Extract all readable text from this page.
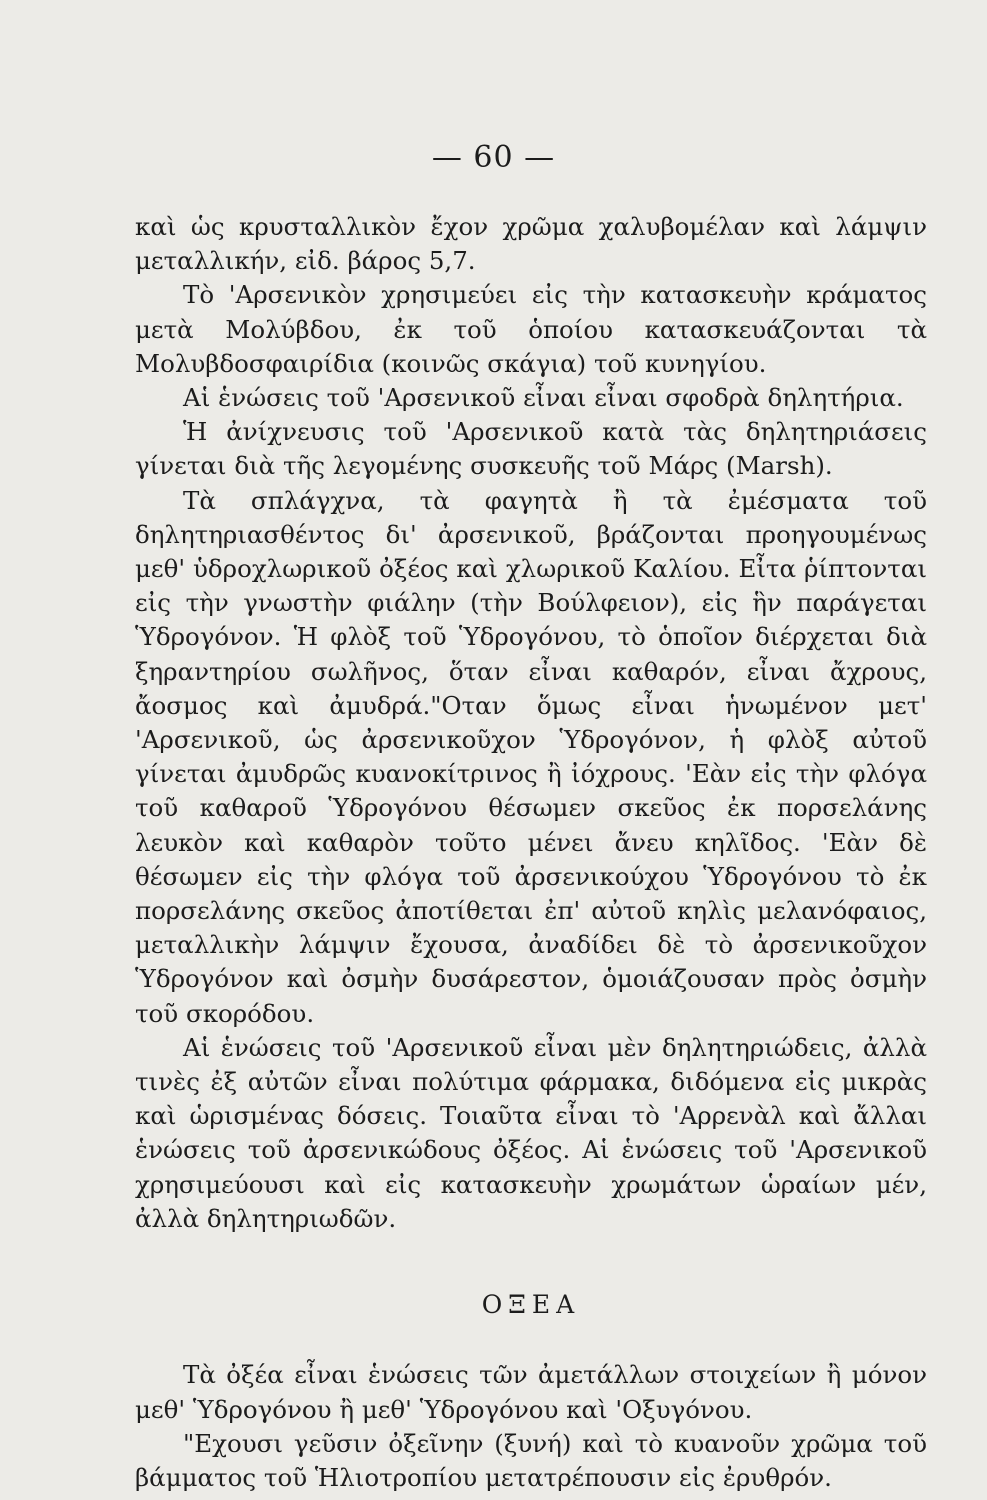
— 60 —

καὶ ὡς κρυσταλλικὸν ἔχον χρῶμα χαλυβομέλαν καὶ λάμψιν μεταλλικήν, εἰδ. βάρος 5,7.

Τὸ 'Αρσενικὸν χρησιμεύει εἰς τὴν κατασκευὴν κράματος μετὰ Μολύβδου, ἐκ τοῦ ὁποίου κατασκευάζονται τὰ Μολυβδοσφαιρίδια (κοινῶς σκάγια) τοῦ κυνηγίου.

Αἱ ἑνώσεις τοῦ 'Αρσενικοῦ εἶναι εἶναι σφοδρὰ δηλητήρια.

Ἡ ἀνίχνευσις τοῦ 'Αρσενικοῦ κατὰ τὰς δηλητηριάσεις γίνεται διὰ τῆς λεγομένης συσκευῆς τοῦ Μάρς (Marsh).

Τὰ σπλάγχνα, τὰ φαγητὰ ἢ τὰ ἐμέσματα τοῦ δηλητηριασθέντος δι' ἀρσενικοῦ, βράζονται προηγουμένως μεθ' ὑδροχλωρικοῦ ὀξέος καὶ χλωρικοῦ Καλίου. Εἶτα ῥίπτονται εἰς τὴν γνωστὴν φιάλην (τὴν Βούλφειον), εἰς ἣν παράγεται Ὑδρογόνον. Ἡ φλὸξ τοῦ Ὑδρογόνου, τὸ ὁποῖον διέρχεται διὰ ξηραντηρίου σωλῆνος, ὅταν εἶναι καθαρόν, εἶναι ἄχρους, ἄοσμος καὶ ἀμυδρά."Οταν ὅμως εἶναι ἡνωμένον μετ' 'Αρσενικοῦ, ὡς ἀρσενικοῦχον Ὑδρογόνον, ἡ φλὸξ αὐτοῦ γίνεται ἀμυδρῶς κυανοκίτρινος ἢ ἰόχρους. 'Εὰν εἰς τὴν φλόγα τοῦ καθαροῦ Ὑδρογόνου θέσωμεν σκεῦος ἐκ πορσελάνης λευκὸν καὶ καθαρὸν τοῦτο μένει ἄνευ κηλῖδος. 'Εὰν δὲ θέσωμεν εἰς τὴν φλόγα τοῦ ἀρσενικούχου Ὑδρογόνου τὸ ἐκ πορσελάνης σκεῦος ἀποτίθεται ἐπ' αὐτοῦ κηλὶς μελανόφαιος, μεταλλικὴν λάμψιν ἔχουσα, ἀναδίδει δὲ τὸ ἀρσενικοῦχον Ὑδρογόνον καὶ ὀσμὴν δυσάρεστον, ὁμοιάζουσαν πρὸς ὀσμὴν τοῦ σκορόδου.

Αἱ ἑνώσεις τοῦ 'Αρσενικοῦ εἶναι μὲν δηλητηριώδεις, ἀλλὰ τινὲς ἐξ αὐτῶν εἶναι πολύτιμα φάρμακα, διδόμενα εἰς μικρὰς καὶ ὡρισμένας δόσεις. Τοιαῦτα εἶναι τὸ 'Αρρενὰλ καὶ ἄλλαι ἑνώσεις τοῦ ἀρσενικώδους ὀξέος. Αἱ ἑνώσεις τοῦ 'Αρσενικοῦ χρησιμεύουσι καὶ εἰς κατασκευὴν χρωμάτων ὡραίων μέν, ἀλλὰ δηλητηριωδῶν.

ΟΞΕΑ

Τὰ ὀξέα εἶναι ἑνώσεις τῶν ἀμετάλλων στοιχείων ἢ μόνον μεθ' Ὑδρογόνου ἢ μεθ' Ὑδρογόνου καὶ 'Οξυγόνου.

"Εχουσι γεῦσιν ὀξεῖνην (ξυνή) καὶ τὸ κυανοῦν χρῶμα τοῦ βάμματος τοῦ Ἡλιοτροπίου μετατρέπουσιν εἰς ἐρυθρόν.
